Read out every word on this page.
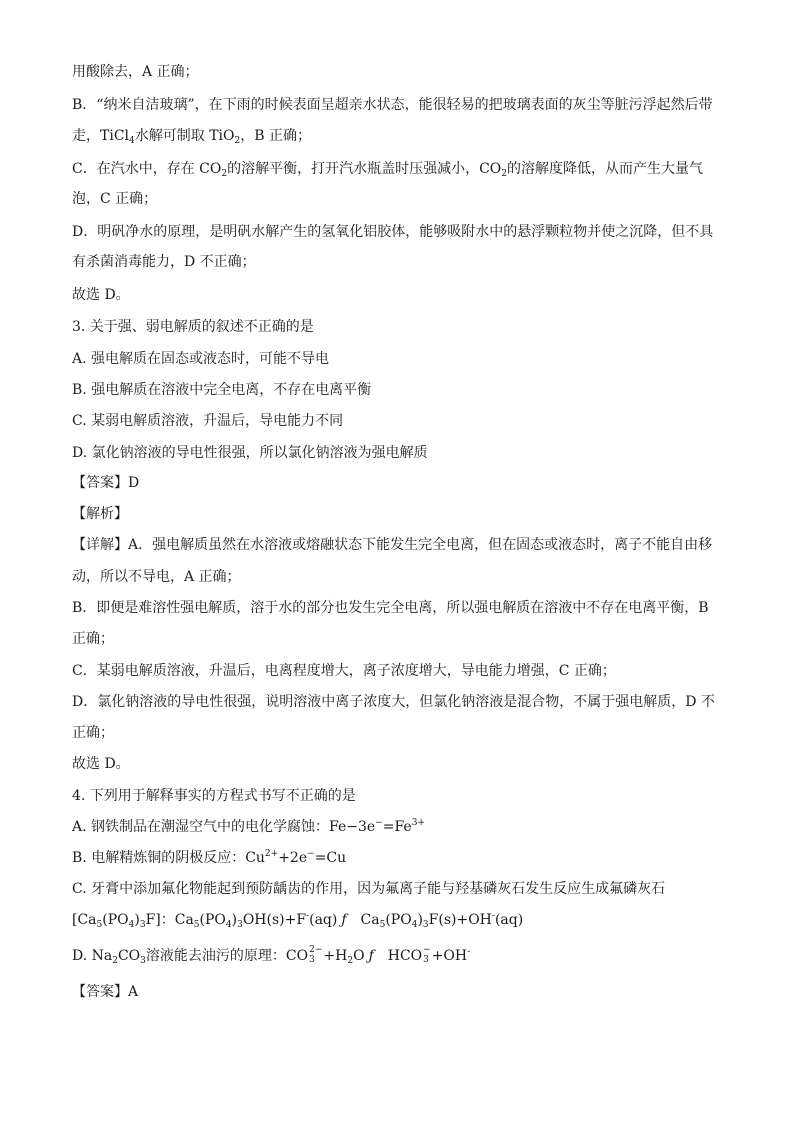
用酸除去，A 正确；
B．“纳米自洁玻璃”，在下雨的时候表面呈超亲水状态，能很轻易的把玻璃表面的灰尘等脏污浮起然后带
走，TiCl$_4$水解可制取 TiO$_2$，B 正确；
C．在汽水中，存在 $CO_2$的溶解平衡，打开汽水瓶盖时压强减小，$CO_2$的溶解度降低，从而产生大量气
泡，C 正确；
D．明矾净水的原理，是明矾水解产生的氢氧化铝胶体，能够吸附水中的悬浮颗粒物并使之沉降，但不具
有杀菌消毒能力，D 不正确；
故选 D。
3. 关于强、弱电解质的叙述不正确的是
A. 强电解质在固态或液态时，可能不导电
B. 强电解质在溶液中完全电离，不存在电离平衡
C. 某弱电解质溶液，升温后，导电能力不同
D. 氯化钠溶液的导电性很强，所以氯化钠溶液为强电解质
【答案】D
【解析】
【详解】A．强电解质虽然在水溶液或熔融状态下能发生完全电离，但在固态或液态时，离子不能自由移
动，所以不导电，A 正确；
B．即便是难溶性强电解质，溶于水的部分也发生完全电离，所以强电解质在溶液中不存在电离平衡，B
正确；
C．某弱电解质溶液，升温后，电离程度增大，离子浓度增大，导电能力增强，C 正确；
D．氯化钠溶液的导电性很强，说明溶液中离子浓度大，但氯化钠溶液是混合物，不属于强电解质，D 不
正确；
故选 D。
4. 下列用于解释事实的方程式书写不正确的是
A. 钢铁制品在潮湿空气中的电化学腐蚀：$Fe-3e^-=Fe^{3+}$
B. 电解精炼铜的阴极反应：$Cu^{2+}+2e^-=Cu$
C. 牙膏中添加氟化物能起到预防龋齿的作用，因为氟离子能与羟基磷灰石发生反应生成氟磷灰石
$[Ca_5(PO_4)_3F]$：$Ca_5(PO_4)_3OH(s)+F^-(aq)$ ƒ $Ca_5(PO_4)_3F(s)+OH^-(aq)$
D. $Na_2CO_3$溶液能去油污的原理：CO 2−
$3 +H_2O$ ƒ HCO −
3 +OH-
【答案】A
